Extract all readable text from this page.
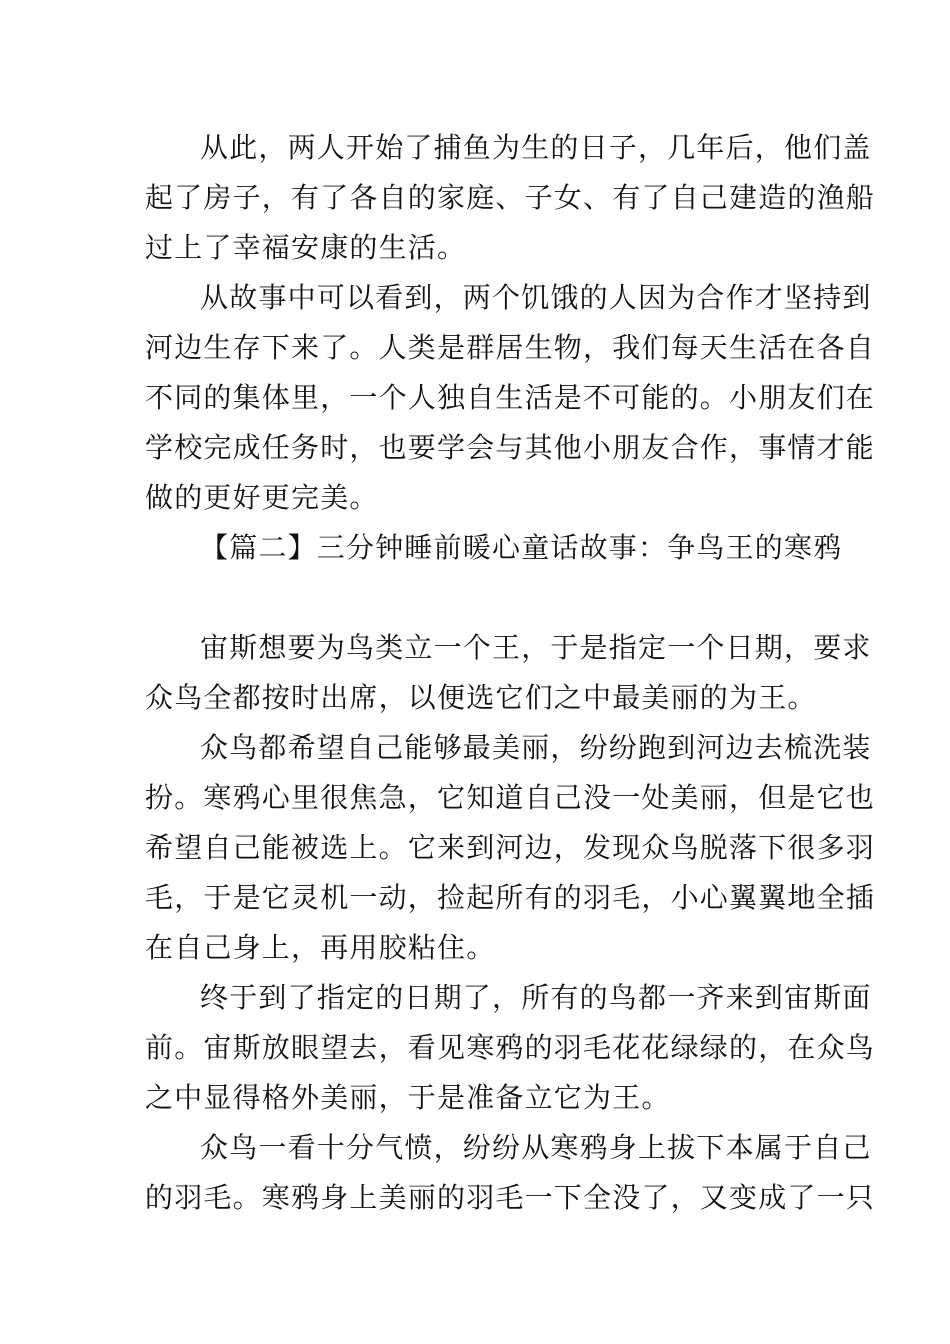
从此，两人开始了捕鱼为生的日子，几年后，他们盖
起了房子，有了各自的家庭、子女、有了自己建造的渔船
过上了幸福安康的生活。
从故事中可以看到，两个饥饿的人因为合作才坚持到
河边生存下来了。人类是群居生物，我们每天生活在各自
不同的集体里，一个人独自生活是不可能的。小朋友们在
学校完成任务时，也要学会与其他小朋友合作，事情才能
做的更好更完美。
【篇二】三分钟睡前暖心童话故事：争鸟王的寒鸦
宙斯想要为鸟类立一个王，于是指定一个日期，要求
众鸟全都按时出席，以便选它们之中最美丽的为王。
众鸟都希望自己能够最美丽，纷纷跑到河边去梳洗装
扮。寒鸦心里很焦急，它知道自己没一处美丽，但是它也
希望自己能被选上。它来到河边，发现众鸟脱落下很多羽
毛，于是它灵机一动，捡起所有的羽毛，小心翼翼地全插
在自己身上，再用胶粘住。
终于到了指定的日期了，所有的鸟都一齐来到宙斯面
前。宙斯放眼望去，看见寒鸦的羽毛花花绿绿的，在众鸟
之中显得格外美丽，于是准备立它为王。
众鸟一看十分气愤，纷纷从寒鸦身上拔下本属于自己
的羽毛。寒鸦身上美丽的羽毛一下全没了，又变成了一只
